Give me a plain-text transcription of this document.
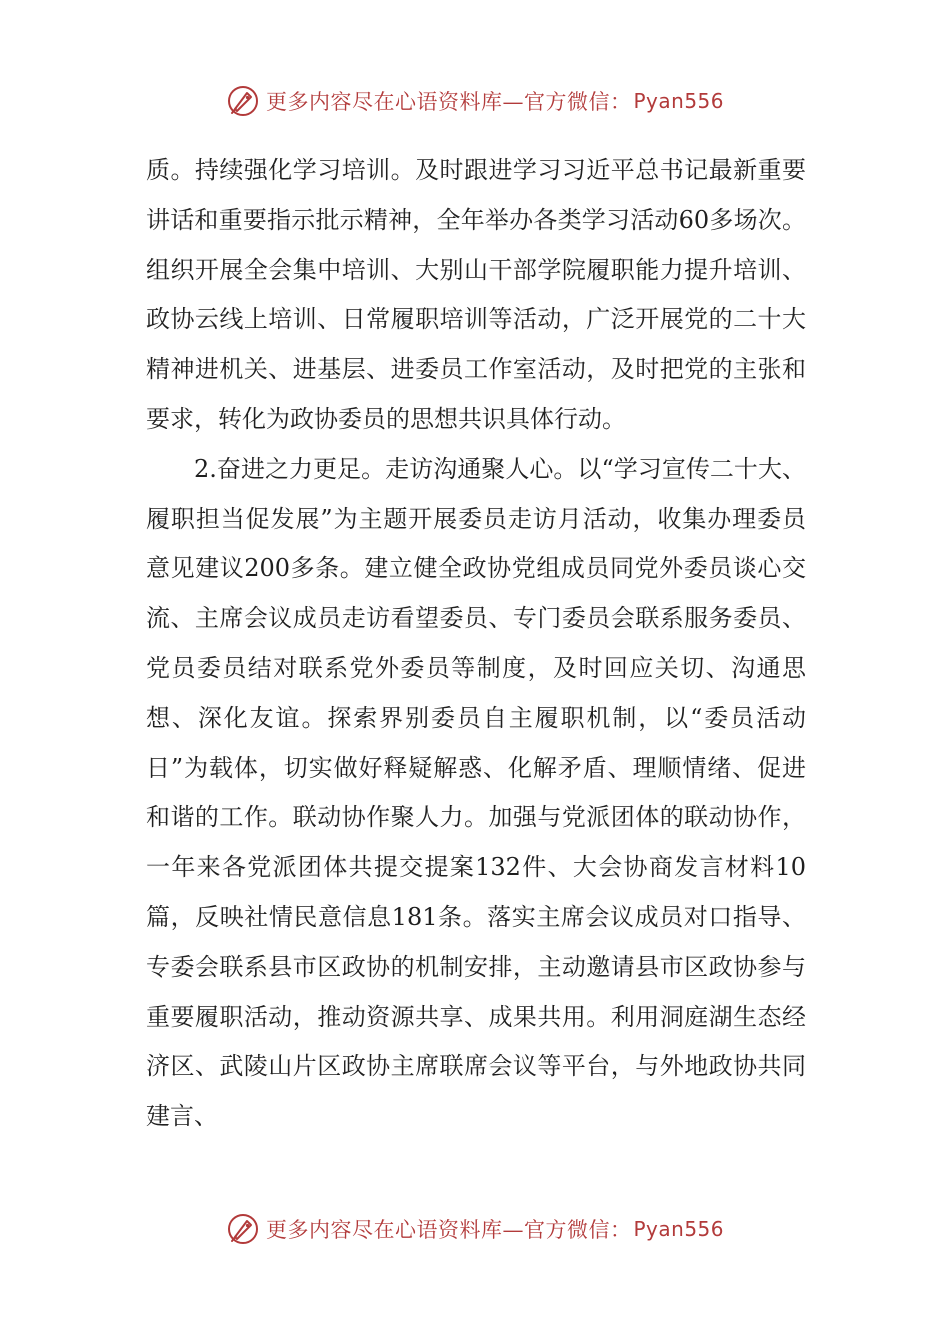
更多内容尽在心语资料库—官方微信： Pyan556

质。持续强化学习培训。及时跟进学习习近平总书记最新重要讲话和重要指示批示精神，全年举办各类学习活动60多场次。组织开展全会集中培训、大别山干部学院履职能力提升培训、政协云线上培训、日常履职培训等活动，广泛开展党的二十大精神进机关、进基层、进委员工作室活动，及时把党的主张和要求，转化为政协委员的思想共识具体行动。

2.奋进之力更足。走访沟通聚人心。以“学习宣传二十大、履职担当促发展”为主题开展委员走访月活动，收集办理委员意见建议200多条。建立健全政协党组成员同党外委员谈心交流、主席会议成员走访看望委员、专门委员会联系服务委员、党员委员结对联系党外委员等制度，及时回应关切、沟通思想、深化友谊。探索界别委员自主履职机制，以“委员活动日”为载体，切实做好释疑解惑、化解矛盾、理顺情绪、促进和谐的工作。联动协作聚人力。加强与党派团体的联动协作，一年来各党派团体共提交提案132件、大会协商发言材料10篇，反映社情民意信息181条。落实主席会议成员对口指导、专委会联系县市区政协的机制安排，主动邀请县市区政协参与重要履职活动，推动资源共享、成果共用。利用洞庭湖生态经济区、武陵山片区政协主席联席会议等平台，与外地政协共同建言、

更多内容尽在心语资料库—官方微信： Pyan556
